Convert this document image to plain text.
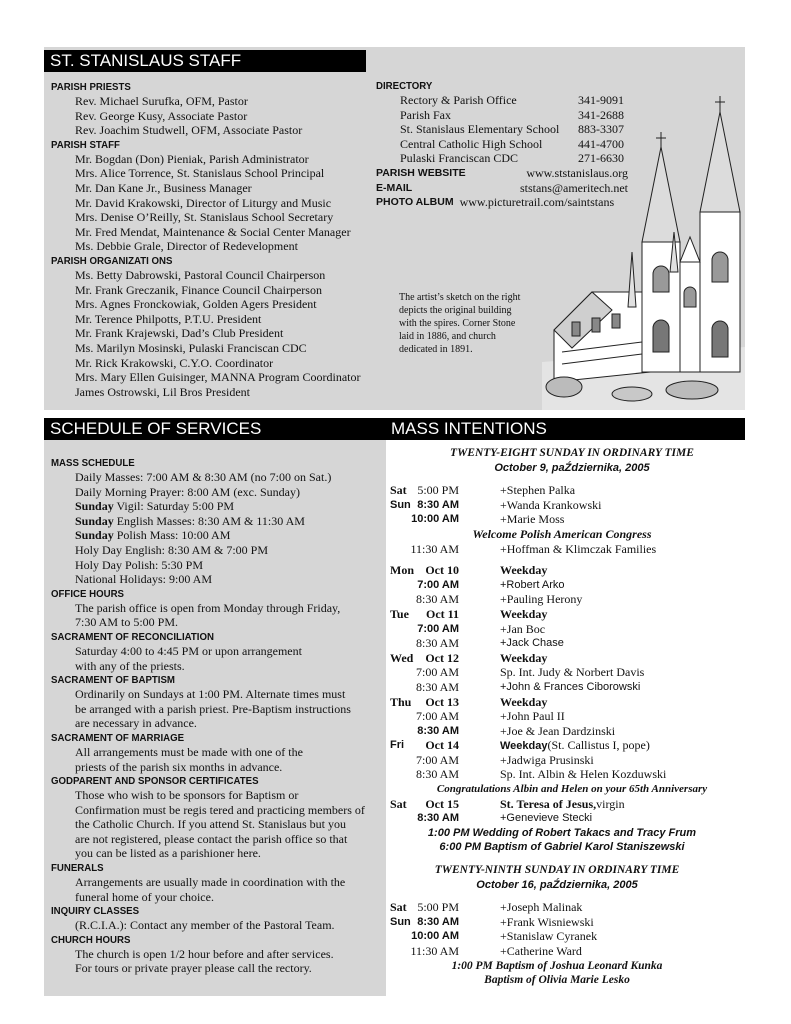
ST. STANISLAUS STAFF
SCHEDULE OF SERVICES	MASS INTENTIONS
PARISH PRIESTS
Rev. Michael Surufka, OFM, Pastor
Rev. George Kusy, Associate Pastor
Rev. Joachim Studwell, OFM, Associate Pastor
PARISH STAFF
Mr. Bogdan (Don) Pieniak, Parish Administrator
Mrs. Alice Torrence, St. Stanislaus School Principal
Mr. Dan Kane Jr., Business Manager
Mr. David Krakowski, Director of Liturgy and Music
Mrs. Denise O’Reilly, St. Stanislaus School Secretary
Mr. Fred Mendat, Maintenance & Social Center Manager
Ms. Debbie Grale, Director of Redevelopment
PARISH ORGANIZATI ONS
Ms. Betty Dabrowski, Pastoral Council Chairperson
Mr. Frank Greczanik, Finance Council Chairperson
Mrs. Agnes Fronckowiak, Golden Agers President
Mr. Terence Philpotts, P.T.U. President
Mr. Frank Krajewski, Dad’s Club President
Ms. Marilyn Mosinski, Pulaski Franciscan CDC
Mr. Rick Krakowski, C.Y.O. Coordinator
Mrs. Mary Ellen Guisinger, MANNA Program Coordinator
James Ostrowski, Lil Bros President
DIRECTORY
Rectory & Parish Office	341-9091
Parish Fax	341-2688
St. Stanislaus Elementary School	883-3307
Central Catholic High School	441-4700
Pulaski Franciscan CDC	271-6630
PARISH WEBSITE	www.ststanislaus.org
E-MAIL	ststans@ameritech.net
PHOTO ALBUM www.picturetrail.com/saintstans
The artist’s sketch on the right
depicts the original building
with the spires. Corner Stone
laid in 1886, and church
dedicated in 1891.
MASS SCHEDULE
Daily Masses: 7:00 AM & 8:30 AM (no 7:00 on Sat.)
Daily Morning Prayer: 8:00 AM (exc. Sunday)
Sunday Vigil: Saturday 5:00 PM
Sunday English Masses: 8:30 AM & 11:30 AM
Sunday Polish Mass: 10:00 AM
Holy Day English: 8:30 AM & 7:00 PM
Holy Day Polish: 5:30 PM
National Holidays: 9:00 AM
OFFICE HOURS
The parish office is open from Monday through Friday,
7:30 AM to 5:00 PM.
SACRAMENT OF RECONCILIATION
Saturday 4:00 to 4:45 PM or upon arrangement
with any of the priests.
SACRAMENT OF BAPTISM
Ordinarily on Sundays at 1:00 PM. Alternate times must
be arranged with a parish priest. Pre-Baptism instructions
are necessary in advance.
SACRAMENT OF MARRIAGE
All arrangements must be made with one of the
priests of the parish six months in advance.
GODPARENT AND SPONSOR CERTIFICATES
Those who wish to be sponsors for Baptism or
Confirmation must be regis tered and practicing members of
the Catholic Church. If you attend St. Stanislaus but you
are not registered, please contact the parish office so that
you can be listed as a parishioner here.
FUNERALS
Arrangements are usually made in coordination with the
funeral home of your choice.
INQUIRY CLASSES
(R.C.I.A.): Contact any member of the Pastoral Team.
CHURCH HOURS
The church is open 1/2 hour before and after services.
For tours or private prayer please call the rectory.
TWENTY-EIGHT SUNDAY IN ORDINARY TIME
October 9, paŹdziernika, 2005
Sat 5:00 PM	+Stephen Palka
Sun 8:30 AM	+Wanda Krankowski
10:00 AM	+Marie Moss
Welcome Polish American Congress
11:30 AM	+Hoffman & Klimczak Families
Mon Oct 10	Weekday
7:00 AM	+Robert Arko
8:30 AM	+Pauling Herony
Tue Oct 11	Weekday
7:00 AM	+Jan Boc
8:30 AM	+Jack Chase
Wed Oct 12	Weekday
7:00 AM	Sp. Int. Judy & Norbert Davis
8:30 AM	+John & Frances Ciborowski
Thu Oct 13	Weekday
7:00 AM	+John Paul II
8:30 AM	+Joe & Jean Dardzinski
Fri Oct 14	Weekday (St. Callistus I, pope)
7:00 AM	+Jadwiga Prusinski
8:30 AM	Sp. Int. Albin & Helen Kozduwski
Congratulations Albin and Helen on your 65th Anniversary
Sat Oct 15	St. Teresa of Jesus, virgin
8:30 AM	+Genevieve Stecki
1:00 PM Wedding of Robert Takacs and Tracy Frum
6:00 PM Baptism of Gabriel Karol Staniszewski
TWENTY-NINTH SUNDAY IN ORDINARY TIME
October 16, paŹdziernika, 2005
Sat 5:00 PM	+Joseph Malinak
Sun 8:30 AM	+Frank Wisniewski
10:00 AM	+Stanislaw Cyranek
11:30 AM	+Catherine Ward
1:00 PM Baptism of Joshua Leonard Kunka
Baptism of Olivia Marie Lesko
